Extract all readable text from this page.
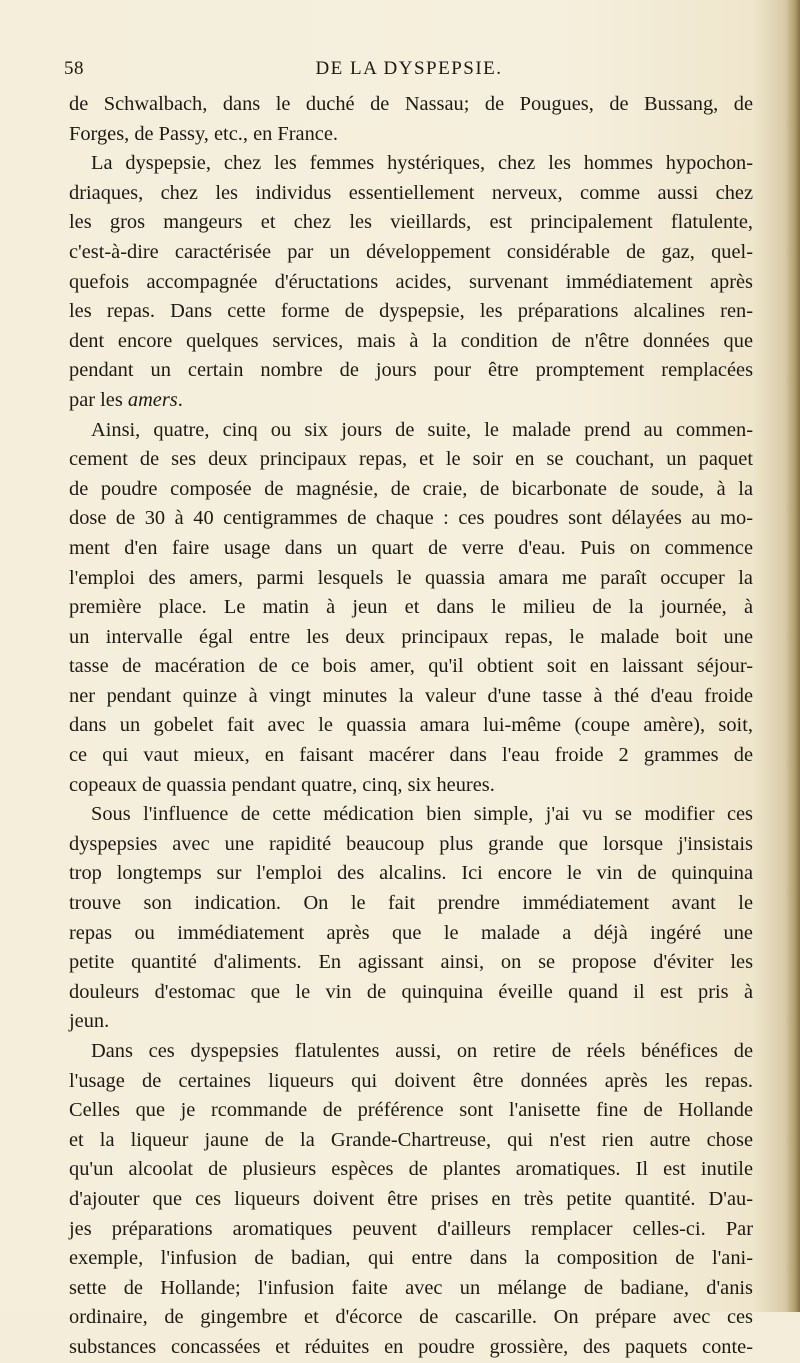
58	DE LA DYSPEPSIE.
de Schwalbach, dans le duché de Nassau; de Pougues, de Bussang, de
Forges, de Passy, etc., en France.
La dyspepsie, chez les femmes hystériques, chez les hommes hypochon-
driaques, chez les individus essentiellement nerveux, comme aussi chez
les gros mangeurs et chez les vieillards, est principalement flatulente,
c'est-à-dire caractérisée par un développement considérable de gaz, quel-
quefois accompagnée d'éructations acides, survenant immédiatement après
les repas. Dans cette forme de dyspepsie, les préparations alcalines ren-
dent encore quelques services, mais à la condition de n'être données que
pendant un certain nombre de jours pour être promptement remplacées
par les amers.
Ainsi, quatre, cinq ou six jours de suite, le malade prend au commen-
cement de ses deux principaux repas, et le soir en se couchant, un paquet
de poudre composée de magnésie, de craie, de bicarbonate de soude, à la
dose de 30 à 40 centigrammes de chaque : ces poudres sont délayées au mo-
ment d'en faire usage dans un quart de verre d'eau. Puis on commence
l'emploi des amers, parmi lesquels le quassia amara me paraît occuper la
première place. Le matin à jeun et dans le milieu de la journée, à
un intervalle égal entre les deux principaux repas, le malade boit une
tasse de macération de ce bois amer, qu'il obtient soit en laissant séjour-
ner pendant quinze à vingt minutes la valeur d'une tasse à thé d'eau froide
dans un gobelet fait avec le quassia amara lui-même (coupe amère), soit,
ce qui vaut mieux, en faisant macérer dans l'eau froide 2 grammes de
copeaux de quassia pendant quatre, cinq, six heures.
Sous l'influence de cette médication bien simple, j'ai vu se modifier ces
dyspepsies avec une rapidité beaucoup plus grande que lorsque j'insistais
trop longtemps sur l'emploi des alcalins. Ici encore le vin de quinquina
trouve son indication. On le fait prendre immédiatement avant le
repas ou immédiatement après que le malade a déjà ingéré une
petite quantité d'aliments. En agissant ainsi, on se propose d'éviter les
douleurs d'estomac que le vin de quinquina éveille quand il est pris à
jeun.
Dans ces dyspepsies flatulentes aussi, on retire de réels bénéfices de
l'usage de certaines liqueurs qui doivent être données après les repas.
Celles que je rcommande de préférence sont l'anisette fine de Hollande
et la liqueur jaune de la Grande-Chartreuse, qui n'est rien autre chose
qu'un alcoolat de plusieurs espèces de plantes aromatiques. Il est inutile
d'ajouter que ces liqueurs doivent être prises en très petite quantité. D'au-
jes préparations aromatiques peuvent d'ailleurs remplacer celles-ci. Par
exemple, l'infusion de badian, qui entre dans la composition de l'ani-
sette de Hollande; l'infusion faite avec un mélange de badiane, d'anis
ordinaire, de gingembre et d'écorce de cascarille. On prépare avec ces
substances concassées et réduites en poudre grossière, des paquets conte-
